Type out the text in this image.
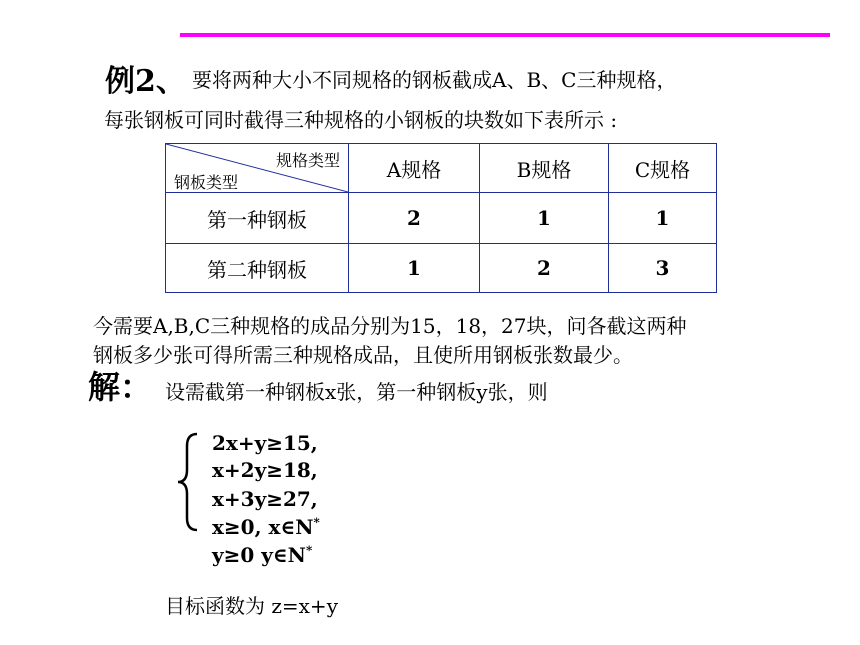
例2、 要将两种大小不同规格的钢板截成A、B、C三种规格，
每张钢板可同时截得三种规格的小钢板的块数如下表所示 :
规格类型
钢板类型	A规格	B规格	C规格
第一种钢板	2	1	1
第二种钢板	1	2	3
今需要A,B,C三种规格的成品分别为15，18，27块，问各截这两种
钢板多少张可得所需三种规格成品，且使所用钢板张数最少。
解： 设需截第一种钢板x张，第一种钢板y张，则
2x+y≥15,
x+2y≥18,
x+3y≥27,
x≥0, x∈N*
y≥0 y∈N*
目标函数为 z=x+y
